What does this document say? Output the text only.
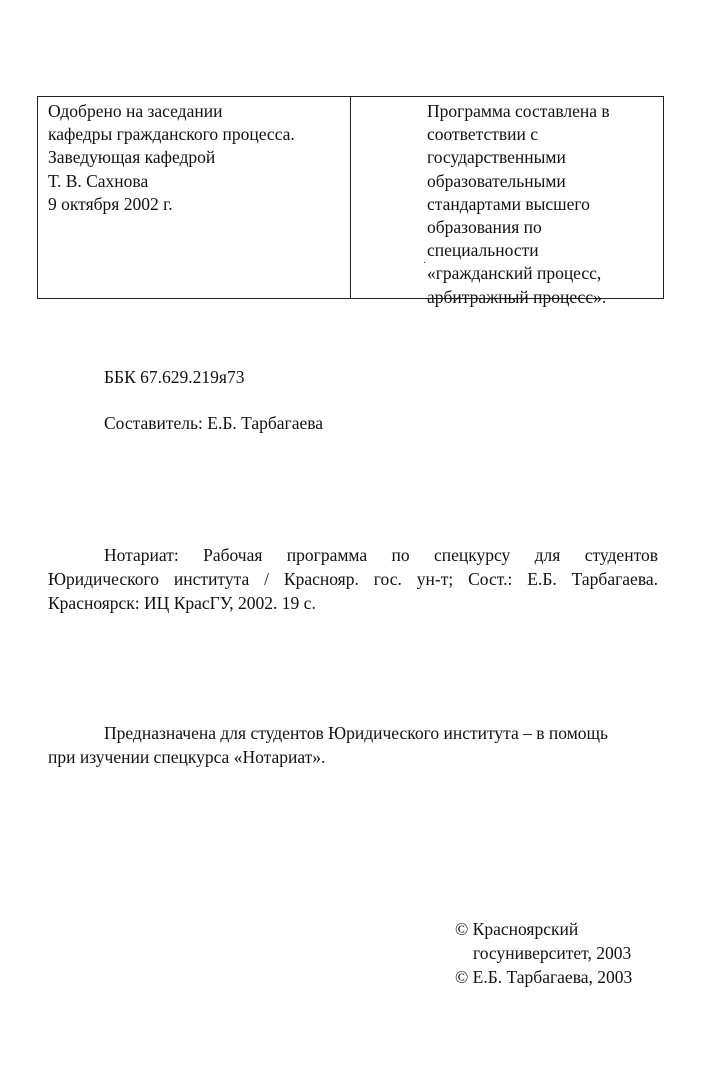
Одобрено на заседании
кафедры гражданского процесса.
Заведующая кафедрой
Т. В. Сахнова
9 октября 2002 г.
Программа составлена в
соответствии с
государственными
образовательными
стандартами высшего
образования по
специальности
«гражданский процесс,
арбитражный процесс».
·
ББК 67.629.219я73
Составитель: Е.Б. Тарбагаева
Нотариат: Рабочая программа по спецкурсу для студентов
Юридического института / Краснояр. гос. ун-т; Сост.: Е.Б. Тарбагаева.
Красноярск: ИЦ КрасГУ, 2002. 19 с.
Предназначена для студентов Юридического института – в помощь
при изучении спецкурса «Нотариат».
© Красноярский
госуниверситет, 2003
© Е.Б. Тарбагаева, 2003
